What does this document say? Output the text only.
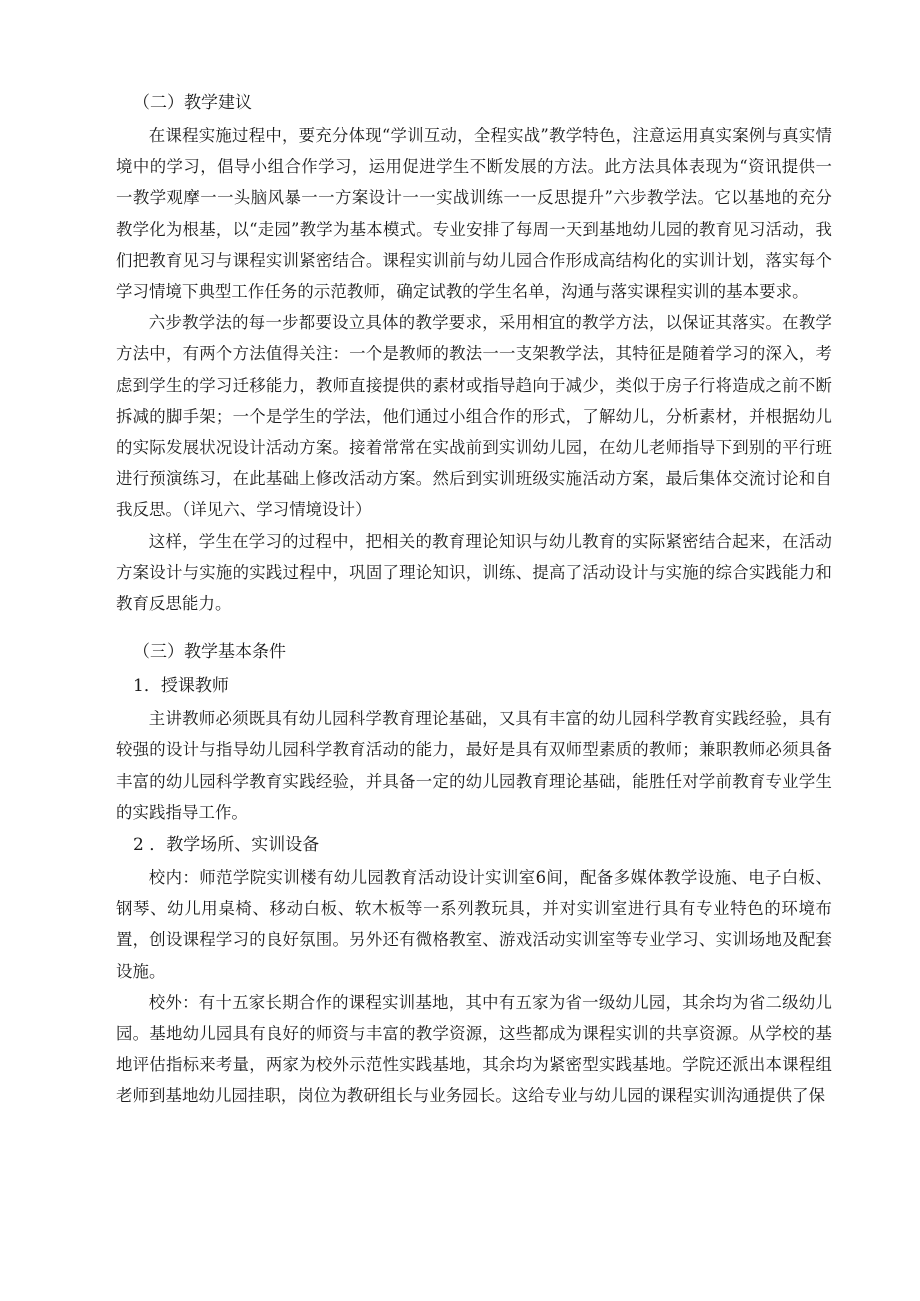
（二）教学建议

在课程实施过程中，要充分体现“学训互动，全程实战”教学特色，注意运用真实案例与真实情境中的学习，倡导小组合作学习，运用促进学生不断发展的方法。此方法具体表现为“资讯提供一一教学观摩一一头脑风暴一一方案设计一一实战训练一一反思提升”六步教学法。它以基地的充分教学化为根基，以“走园”教学为基本模式。专业安排了每周一天到基地幼儿园的教育见习活动，我们把教育见习与课程实训紧密结合。课程实训前与幼儿园合作形成高结构化的实训计划，落实每个学习情境下典型工作任务的示范教师，确定试教的学生名单，沟通与落实课程实训的基本要求。

六步教学法的每一步都要设立具体的教学要求，采用相宜的教学方法，以保证其落实。在教学方法中，有两个方法值得关注：一个是教师的教法一一支架教学法，其特征是随着学习的深入，考虑到学生的学习迁移能力，教师直接提供的素材或指导趋向于减少，类似于房子行将造成之前不断拆减的脚手架；一个是学生的学法，他们通过小组合作的形式，了解幼儿，分析素材，并根据幼儿的实际发展状况设计活动方案。接着常常在实战前到实训幼儿园，在幼儿老师指导下到别的平行班进行预演练习，在此基础上修改活动方案。然后到实训班级实施活动方案，最后集体交流讨论和自我反思。（详见六、学习情境设计）

这样，学生在学习的过程中，把相关的教育理论知识与幼儿教育的实际紧密结合起来，在活动方案设计与实施的实践过程中，巩固了理论知识，训练、提高了活动设计与实施的综合实践能力和教育反思能力。

（三）教学基本条件

1．授课教师

主讲教师必须既具有幼儿园科学教育理论基础，又具有丰富的幼儿园科学教育实践经验，具有较强的设计与指导幼儿园科学教育活动的能力，最好是具有双师型素质的教师；兼职教师必须具备丰富的幼儿园科学教育实践经验，并具备一定的幼儿园教育理论基础，能胜任对学前教育专业学生的实践指导工作。

2 ．教学场所、实训设备

校内：师范学院实训楼有幼儿园教育活动设计实训室6间，配备多媒体教学设施、电子白板、钢琴、幼儿用桌椅、移动白板、软木板等一系列教玩具，并对实训室进行具有专业特色的环境布置，创设课程学习的良好氛围。另外还有微格教室、游戏活动实训室等专业学习、实训场地及配套设施。

校外：有十五家长期合作的课程实训基地，其中有五家为省一级幼儿园，其余均为省二级幼儿园。基地幼儿园具有良好的师资与丰富的教学资源，这些都成为课程实训的共享资源。从学校的基地评估指标来考量，两家为校外示范性实践基地，其余均为紧密型实践基地。学院还派出本课程组老师到基地幼儿园挂职，岗位为教研组长与业务园长。这给专业与幼儿园的课程实训沟通提供了保
